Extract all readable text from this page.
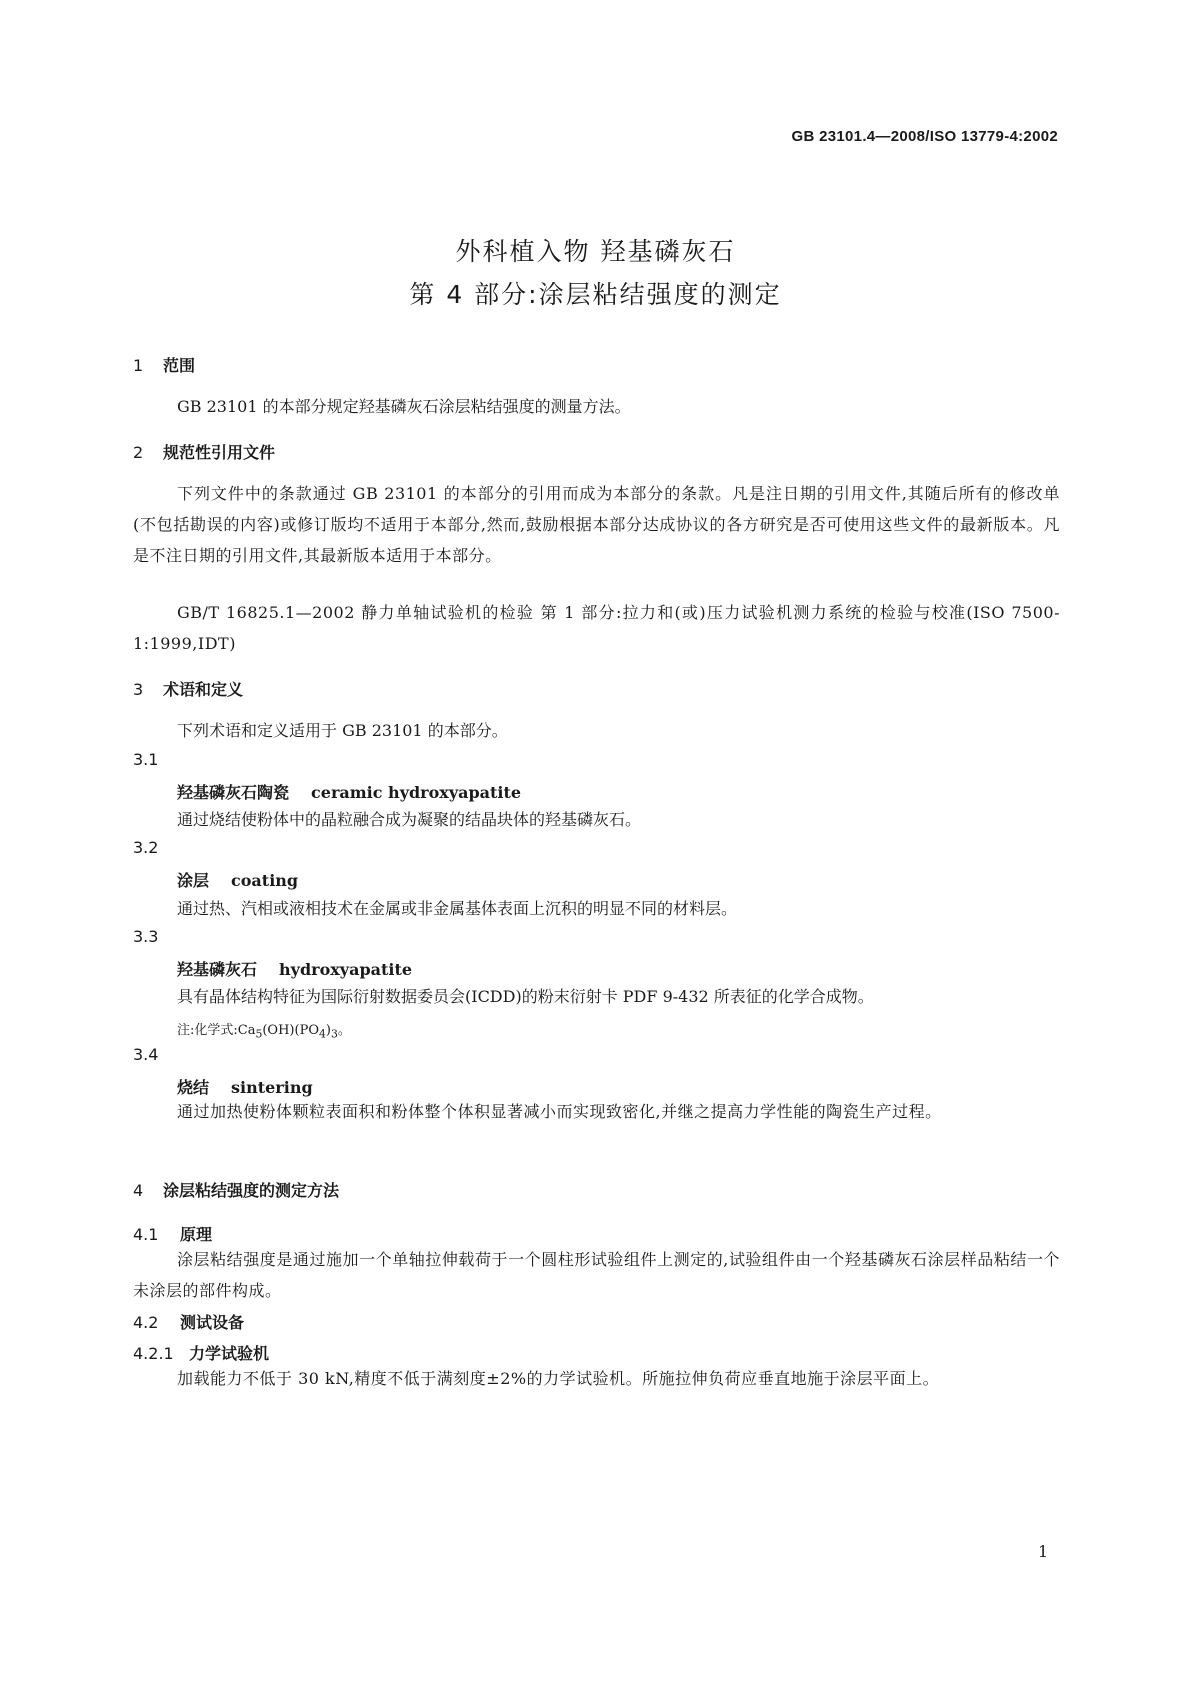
GB 23101.4—2008/ISO 13779-4:2002
外科植入物 羟基磷灰石
第 4 部分:涂层粘结强度的测定
1 范围
GB 23101 的本部分规定羟基磷灰石涂层粘结强度的测量方法。
2 规范性引用文件
下列文件中的条款通过 GB 23101 的本部分的引用而成为本部分的条款。凡是注日期的引用文件,其随后所有的修改单(不包括勘误的内容)或修订版均不适用于本部分,然而,鼓励根据本部分达成协议的各方研究是否可使用这些文件的最新版本。凡是不注日期的引用文件,其最新版本适用于本部分。
GB/T 16825.1—2002 静力单轴试验机的检验 第 1 部分:拉力和(或)压力试验机测力系统的检验与校准(ISO 7500-1:1999,IDT)
3 术语和定义
下列术语和定义适用于 GB 23101 的本部分。
3.1
羟基磷灰石陶瓷 ceramic hydroxyapatite
通过烧结使粉体中的晶粒融合成为凝聚的结晶块体的羟基磷灰石。
3.2
涂层 coating
通过热、汽相或液相技术在金属或非金属基体表面上沉积的明显不同的材料层。
3.3
羟基磷灰石 hydroxyapatite
具有晶体结构特征为国际衍射数据委员会(ICDD)的粉末衍射卡 PDF 9-432 所表征的化学合成物。
注:化学式$:Ca_5(OH)(PO_4)_3$。
3.4
烧结 sintering
通过加热使粉体颗粒表面积和粉体整个体积显著减小而实现致密化,并继之提高力学性能的陶瓷生产过程。
4 涂层粘结强度的测定方法
4.1 原理
涂层粘结强度是通过施加一个单轴拉伸载荷于一个圆柱形试验组件上测定的,试验组件由一个羟基磷灰石涂层样品粘结一个未涂层的部件构成。
4.2 测试设备
4.2.1 力学试验机
加载能力不低于 30 kN,精度不低于满刻度±2%的力学试验机。所施拉伸负荷应垂直地施于涂层平面上。
1
